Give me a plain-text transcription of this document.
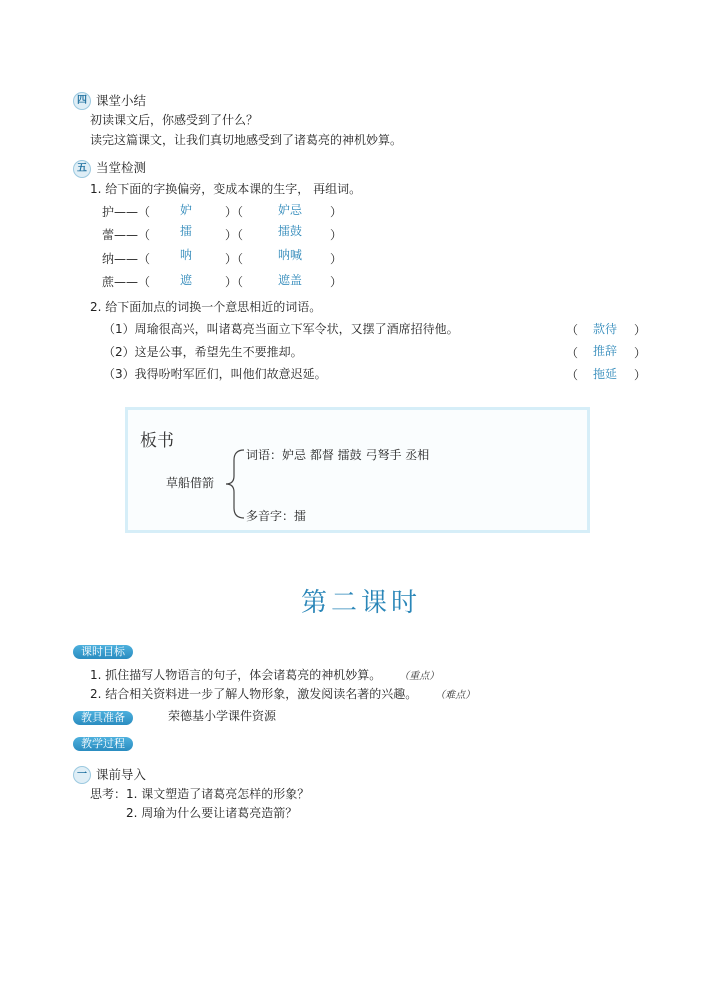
四 课堂小结
初读课文后，你感受到了什么？
读完这篇课文，让我们真切地感受到了诸葛亮的神机妙算。
五 当堂检测
1. 给下面的字换偏旁，变成本课的生字， 再组词。
护——（ 妒	）（	妒忌 ）
蕾——（ 擂	）（	擂鼓 ）
纳——（ 呐	）（	呐喊 ）
蔗——（ 遮	）（	遮盖 ）
2. 给下面加点的词换一个意思相近的词语。
（1）周瑜很高兴，叫诸葛亮当面立下军令状，又摆了酒席招待他。	（ 款待 ）
（2）这是公事，希望先生不要推却。	（ 推辞 ）
（3）我得吩咐军匠们，叫他们故意迟延。	（ 拖延 ）
板书
草船借箭
词语：妒忌 都督 擂鼓 弓弩手 丞相
多音字：擂
第二课时
课时目标
1. 抓住描写人物语言的句子，体会诸葛亮的神机妙算。 （重点）
2. 结合相关资料进一步了解人物形象，激发阅读名著的兴趣。 （难点）
教具准备	荣德基小学课件资源
教学过程
一 课前导入
思考：1. 课文塑造了诸葛亮怎样的形象？
2. 周瑜为什么要让诸葛亮造箭？
